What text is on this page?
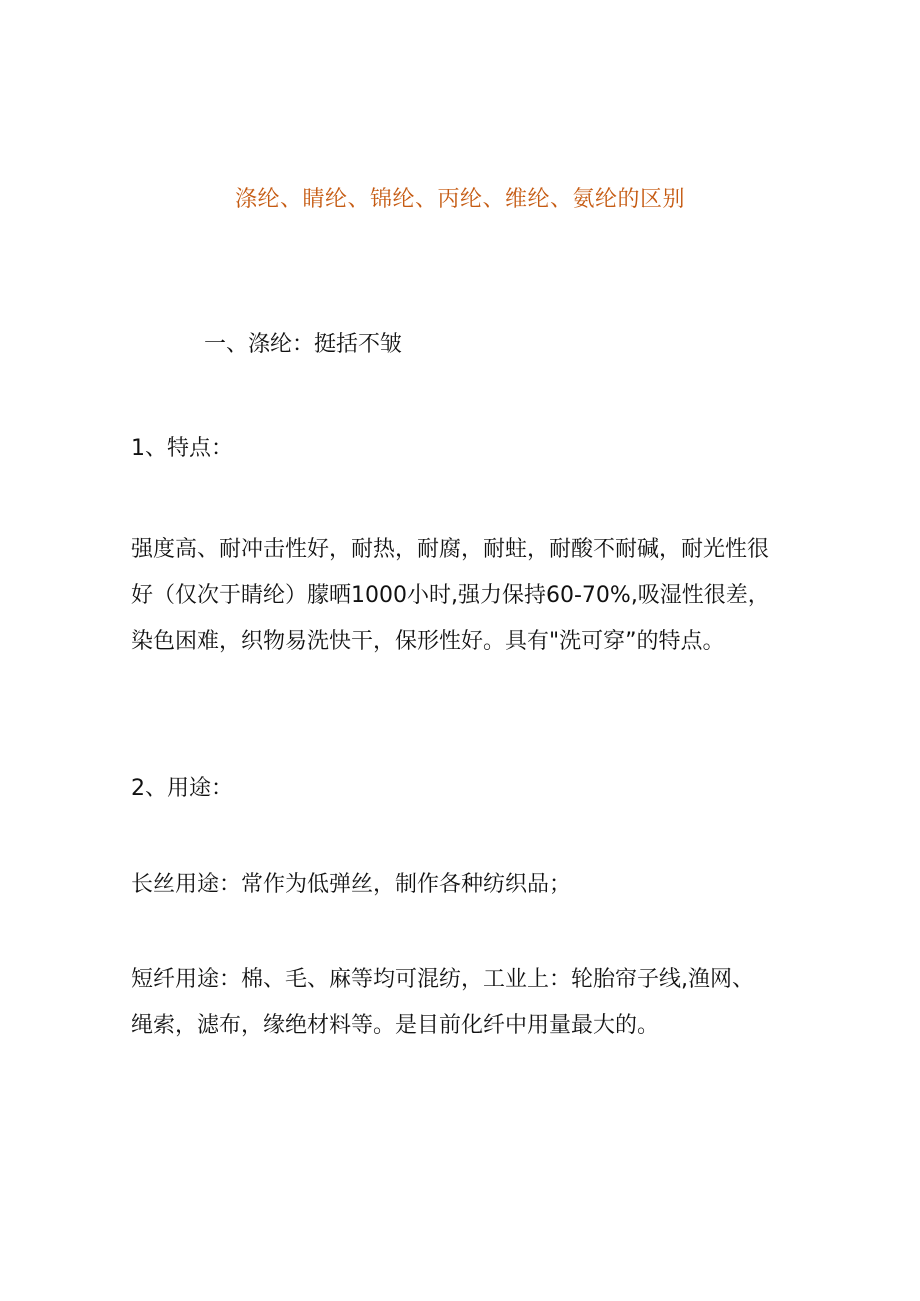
涤纶、睛纶、锦纶、丙纶、维纶、氨纶的区别
一、涤纶：挺括不皱
1、特点：
强度高、耐冲击性好，耐热，耐腐，耐蛀，耐酸不耐碱，耐光性很
好（仅次于睛纶）朦晒1000小时,强力保持60-70%,吸湿性很差，
染色困难，织物易洗快干，保形性好。具有"洗可穿”的特点。
2、用途：
长丝用途：常作为低弹丝，制作各种纺织品；
短纤用途：棉、毛、麻等均可混纺，工业上：轮胎帘子线,渔网、
绳索，滤布，缘绝材料等。是目前化纤中用量最大的。
